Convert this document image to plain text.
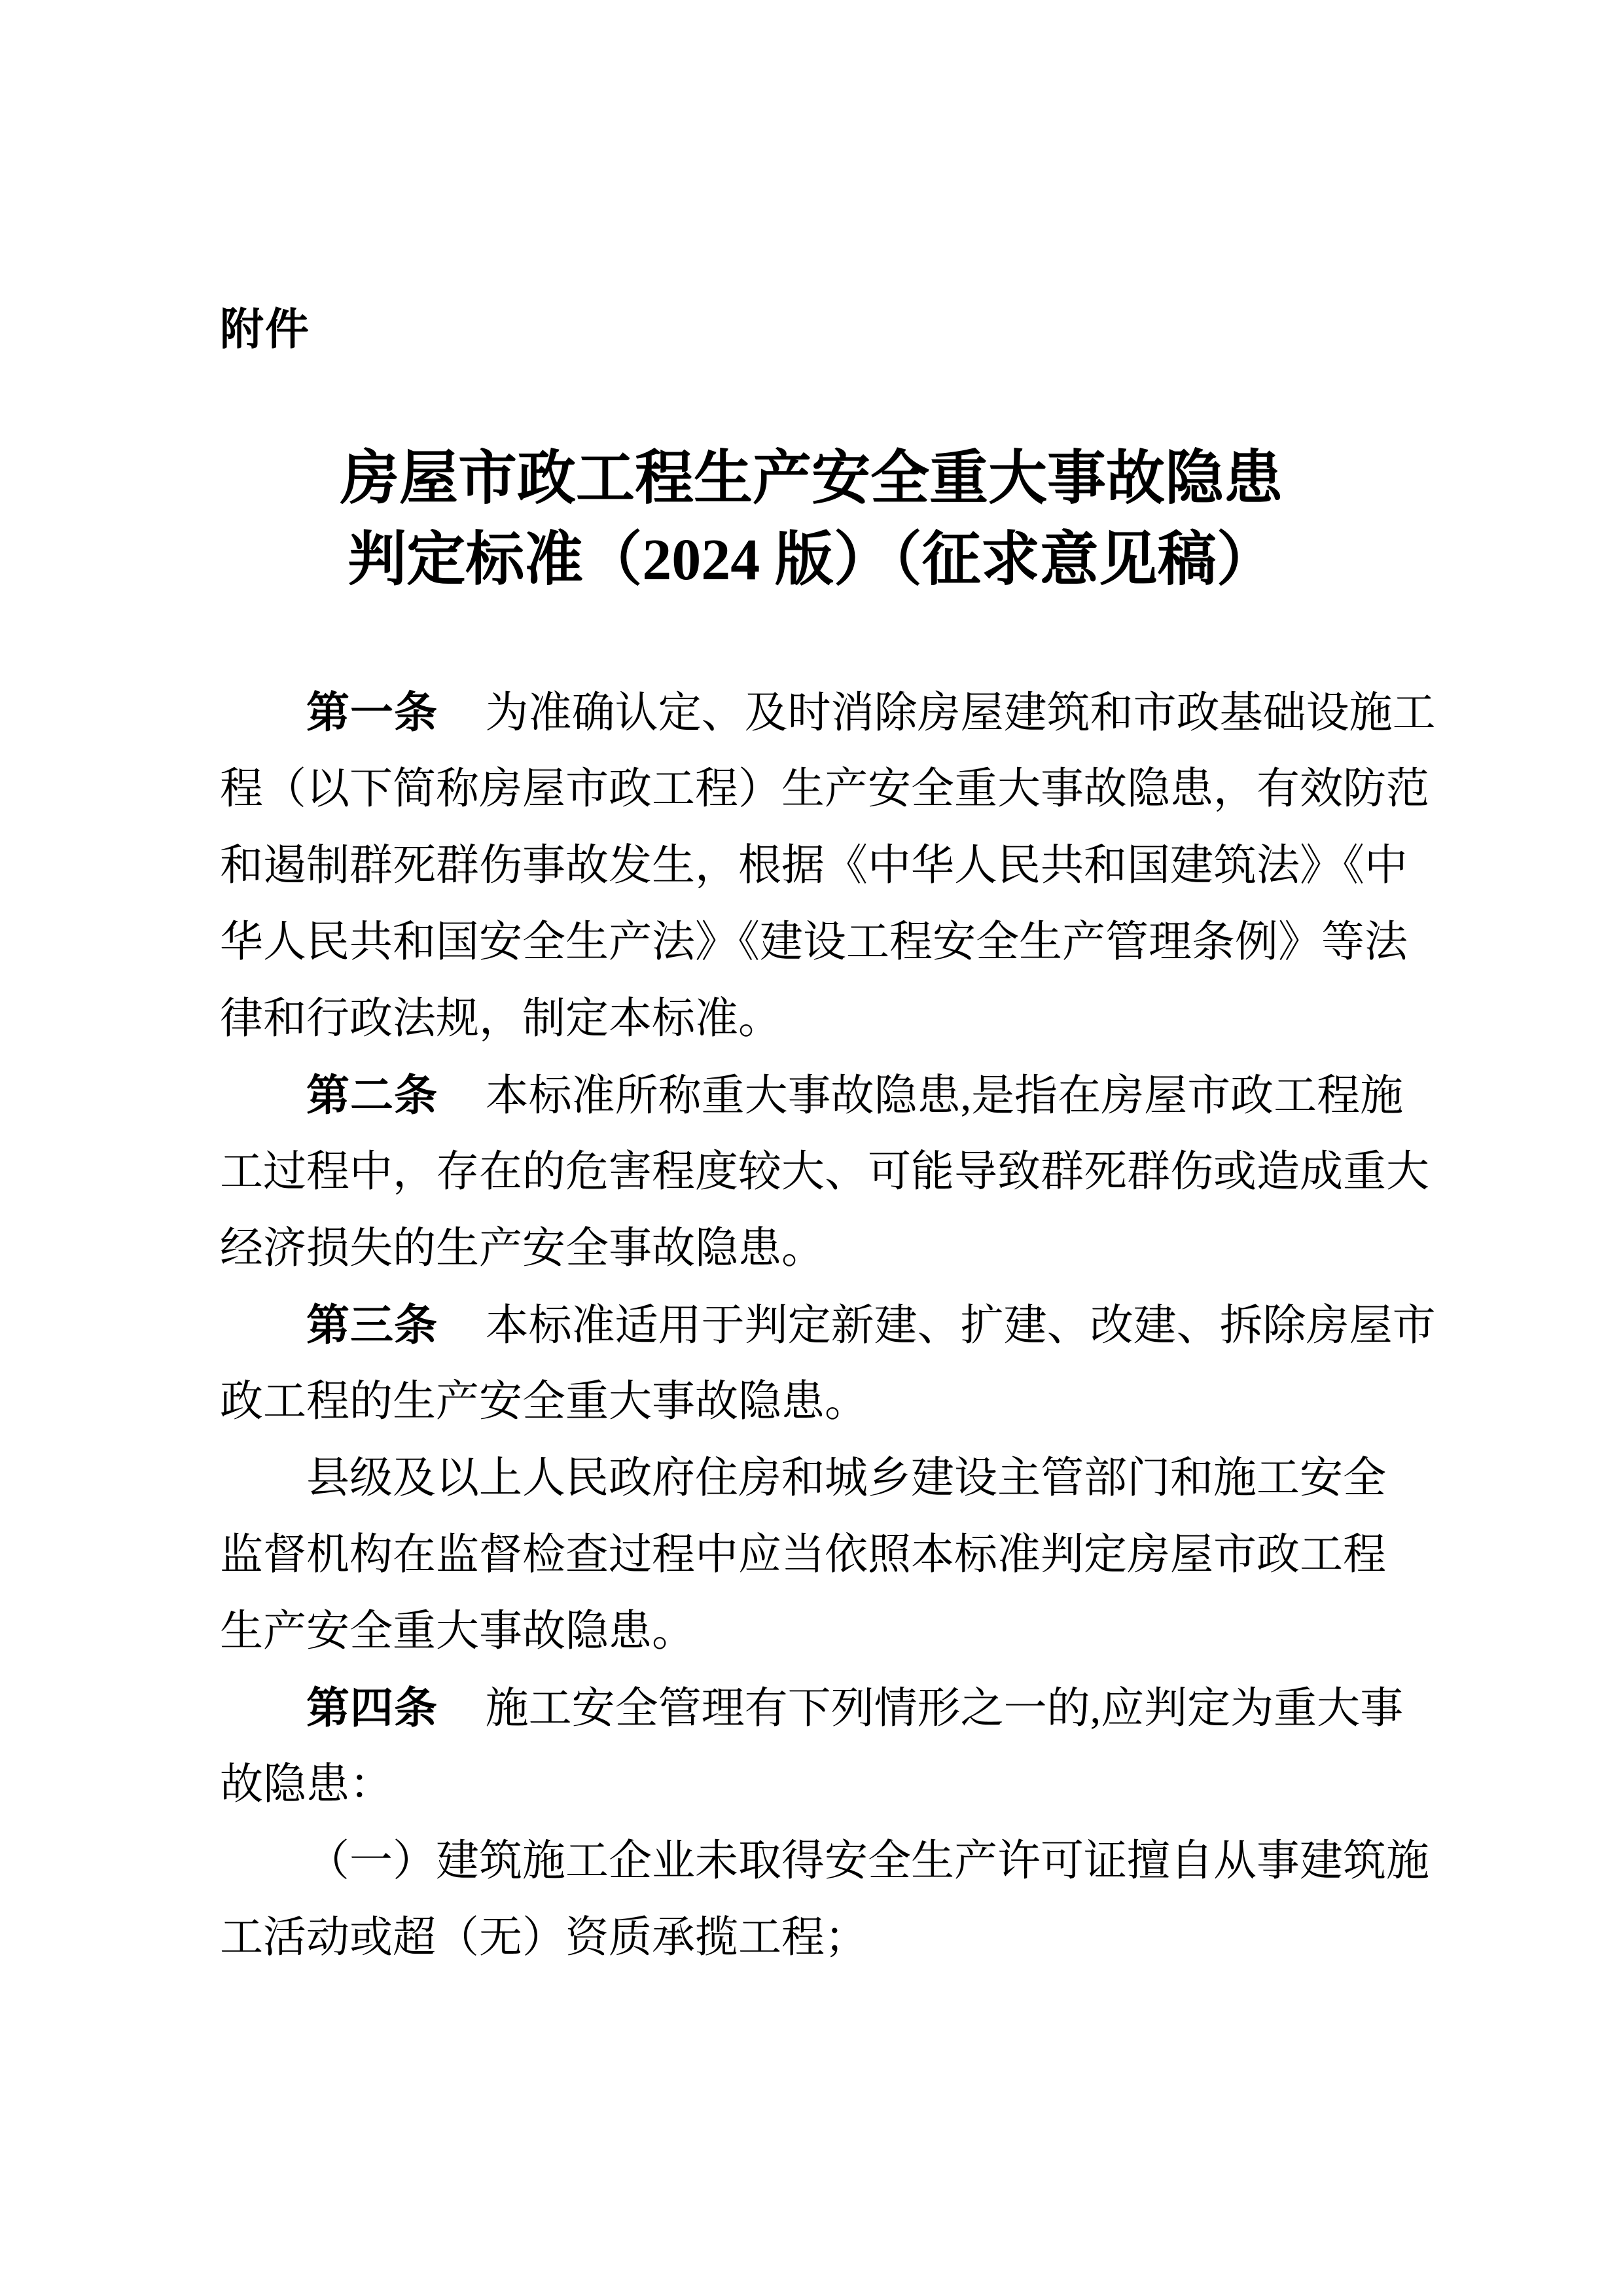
附件
房屋市政工程生产安全重大事故隐患
判定标准（2024 版）（征求意见稿）
第一条 为准确认定、及时消除房屋建筑和市政基础设施工
程（以下简称房屋市政工程）生产安全重大事故隐患，有效防范
和遏制群死群伤事故发生，根据《中华人民共和国建筑法》《中
华人民共和国安全生产法》《建设工程安全生产管理条例》等法
律和行政法规，制定本标准。
第二条 本标准所称重大事故隐患,是指在房屋市政工程施
工过程中，存在的危害程度较大、可能导致群死群伤或造成重大
经济损失的生产安全事故隐患。
第三条 本标准适用于判定新建、扩建、改建、拆除房屋市
政工程的生产安全重大事故隐患。
县级及以上人民政府住房和城乡建设主管部门和施工安全
监督机构在监督检查过程中应当依照本标准判定房屋市政工程
生产安全重大事故隐患。
第四条 施工安全管理有下列情形之一的,应判定为重大事
故隐患：
（一）建筑施工企业未取得安全生产许可证擅自从事建筑施
工活动或超（无）资质承揽工程；
